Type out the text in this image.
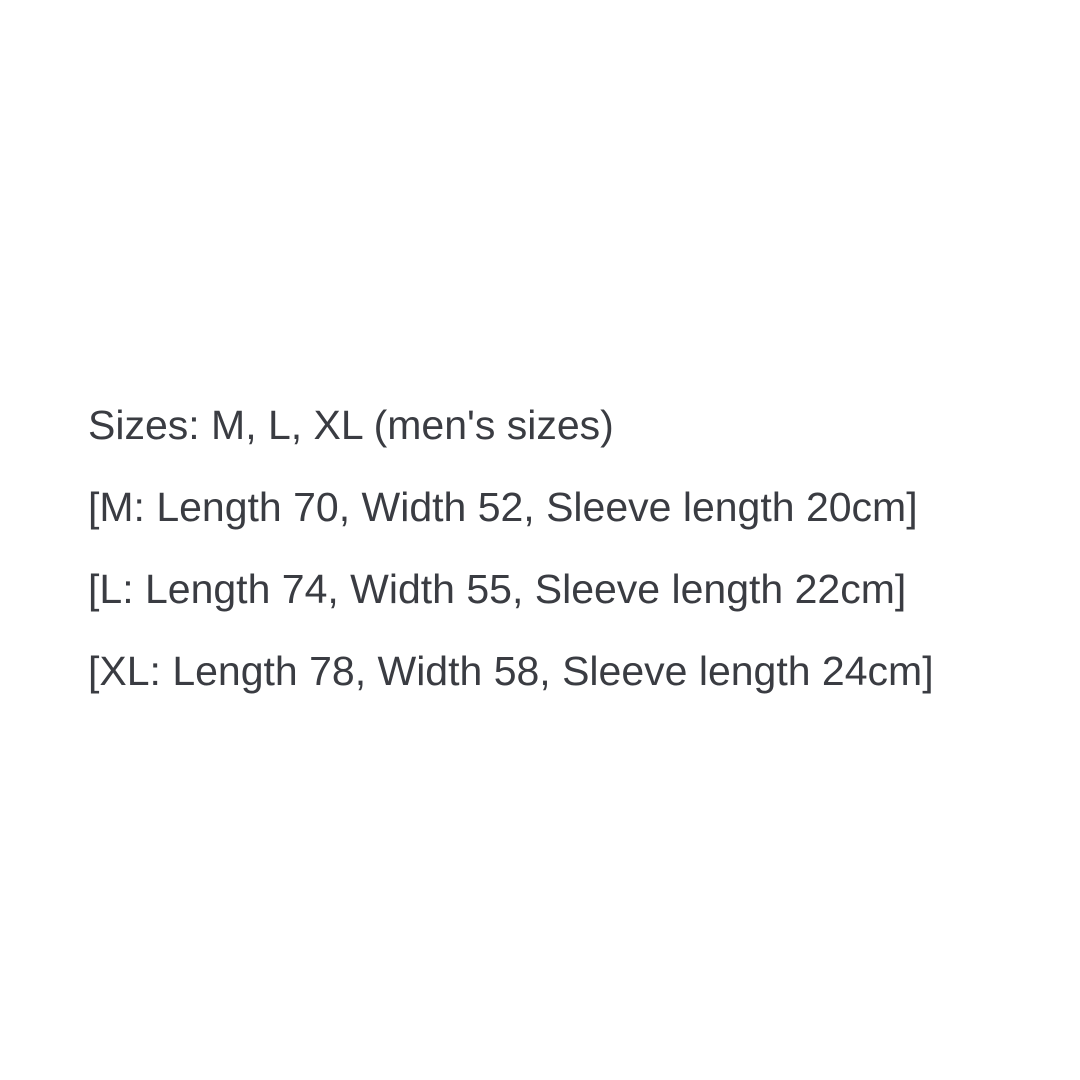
Sizes: M, L, XL (men's sizes)

[M: Length 70, Width 52, Sleeve length 20cm]

[L: Length 74, Width 55, Sleeve length 22cm]

[XL: Length 78, Width 58, Sleeve length 24cm]
